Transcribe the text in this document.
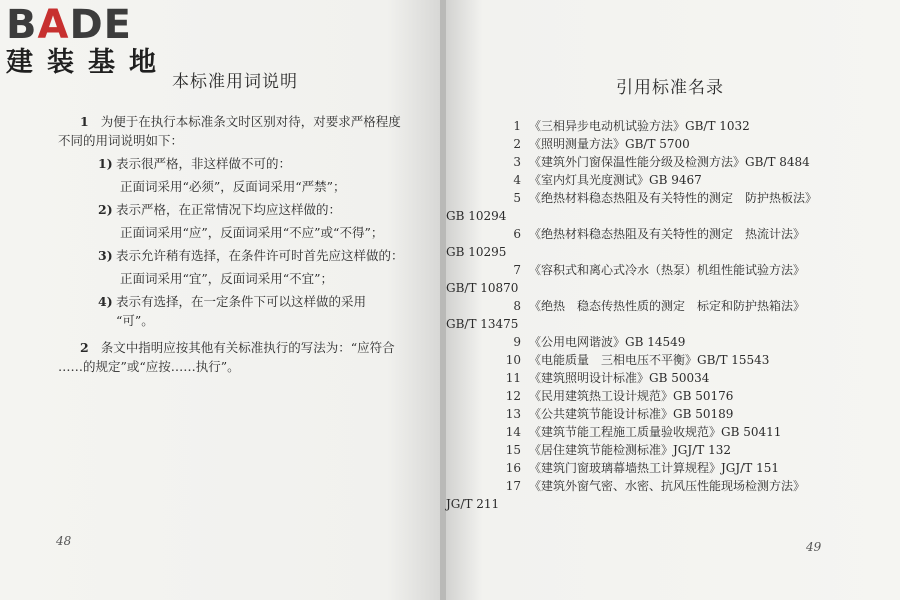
BADE
建装基地
本标准用词说明

1 为便于在执行本标准条文时区别对待，对要求严格程度

不同的用词说明如下：

1) 表示很严格，非这样做不可的：
正面词采用“必须”，反面词采用“严禁”；
2) 表示严格，在正常情况下均应这样做的：
正面词采用“应”，反面词采用“不应”或“不得”；
3) 表示允许稍有选择，在条件许可时首先应这样做的：
正面词采用“宜”，反面词采用“不宜”；
4) 表示有选择，在一定条件下可以这样做的采用
“可”。

2 条文中指明应按其他有关标准执行的写法为：“应符合

……的规定”或“应按……执行”。

48
引用标准名录
1 《三相异步电动机试验方法》GB/T 1032
2 《照明测量方法》GB/T 5700
3 《建筑外门窗保温性能分级及检测方法》GB/T 8484
4 《室内灯具光度测试》GB 9467
5 《绝热材料稳态热阻及有关特性的测定　防护热板法》
GB 10294
6 《绝热材料稳态热阻及有关特性的测定　热流计法》
GB 10295
7 《容积式和离心式冷水（热泵）机组性能试验方法》
GB/T 10870
8 《绝热　稳态传热性质的测定　标定和防护热箱法》
GB/T 13475
9 《公用电网谐波》GB 14549
10 《电能质量　三相电压不平衡》GB/T 15543
11 《建筑照明设计标准》GB 50034
12 《民用建筑热工设计规范》GB 50176
13 《公共建筑节能设计标准》GB 50189
14 《建筑节能工程施工质量验收规范》GB 50411
15 《居住建筑节能检测标准》JGJ/T 132
16 《建筑门窗玻璃幕墙热工计算规程》JGJ/T 151
17 《建筑外窗气密、水密、抗风压性能现场检测方法》
JG/T 211
49
